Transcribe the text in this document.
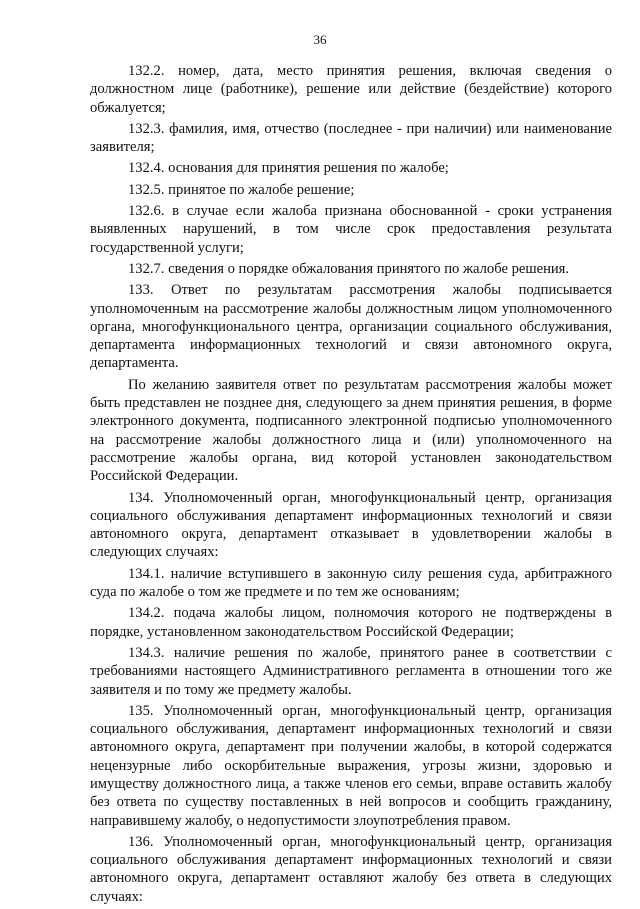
36

132.2. номер, дата, место принятия решения, включая сведения о должностном лице (работнике), решение или действие (бездействие) которого обжалуется;

132.3. фамилия, имя, отчество (последнее - при наличии) или наименование заявителя;

132.4. основания для принятия решения по жалобе;

132.5. принятое по жалобе решение;

132.6. в случае если жалоба признана обоснованной - сроки устранения выявленных нарушений, в том числе срок предоставления результата государственной услуги;

132.7. сведения о порядке обжалования принятого по жалобе решения.

133. Ответ по результатам рассмотрения жалобы подписывается уполномоченным на рассмотрение жалобы должностным лицом уполномоченного органа, многофункционального центра, организации социального обслуживания, департамента информационных технологий и связи автономного округа, департамента.

По желанию заявителя ответ по результатам рассмотрения жалобы может быть представлен не позднее дня, следующего за днем принятия решения, в форме электронного документа, подписанного электронной подписью уполномоченного на рассмотрение жалобы должностного лица и (или) уполномоченного на рассмотрение жалобы органа, вид которой установлен законодательством Российской Федерации.

134. Уполномоченный орган, многофункциональный центр, организация социального обслуживания департамент информационных технологий и связи автономного округа, департамент отказывает в удовлетворении жалобы в следующих случаях:

134.1. наличие вступившего в законную силу решения суда, арбитражного суда по жалобе о том же предмете и по тем же основаниям;

134.2. подача жалобы лицом, полномочия которого не подтверждены в порядке, установленном законодательством Российской Федерации;

134.3. наличие решения по жалобе, принятого ранее в соответствии с требованиями настоящего Административного регламента в отношении того же заявителя и по тому же предмету жалобы.

135. Уполномоченный орган, многофункциональный центр, организация социального обслуживания, департамент информационных технологий и связи автономного округа, департамент при получении жалобы, в которой содержатся нецензурные либо оскорбительные выражения, угрозы жизни, здоровью и имуществу должностного лица, а также членов его семьи, вправе оставить жалобу без ответа по существу поставленных в ней вопросов и сообщить гражданину, направившему жалобу, о недопустимости злоупотребления правом.

136. Уполномоченный орган, многофункциональный центр, организация социального обслуживания департамент информационных технологий и связи автономного округа, департамент оставляют жалобу без ответа в следующих случаях:
